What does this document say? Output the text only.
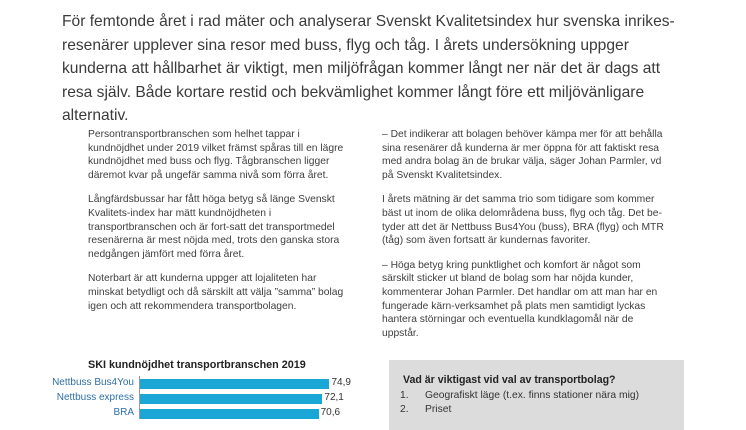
För femtonde året i rad mäter och analyserar Svenskt Kvalitetsindex hur svenska inrikes-resenärer upplever sina resor med buss, flyg och tåg. I årets undersökning uppger kunderna att hållbarhet är viktigt, men miljöfrågan kommer långt ner när det är dags att resa själv. Både kortare restid och bekvämlighet kommer långt före ett miljövänligare alternativ.

Persontransportbranschen som helhet tappar i kundnöjdhet under 2019 vilket främst spåras till en lägre kundnöjdhet med buss och flyg. Tågbranschen ligger däremot kvar på ungefär samma nivå som förra året.

Långfärdsbussar har fått höga betyg så länge Svenskt Kvalitets-index har mätt kundnöjdheten i transportbranschen och är fort-satt det transportmedel resenärerna är mest nöjda med, trots den ganska stora nedgången jämfört med förra året.

Noterbart är att kunderna uppger att lojaliteten har minskat betydligt och då särskilt att välja ”samma” bolag igen och att rekommendera transportbolagen.

– Det indikerar att bolagen behöver kämpa mer för att behålla sina resenärer då kunderna är mer öppna för att faktiskt resa med andra bolag än de brukar välja, säger Johan Parmler, vd på Svenskt Kvalitetsindex.

I årets mätning är det samma trio som tidigare som kommer bäst ut inom de olika delområdena buss, flyg och tåg. Det be-tyder att det är Nettbuss Bus4You (buss), BRA (flyg) och MTR (tåg) som även fortsatt är kundernas favoriter.

– Höga betyg kring punktlighet och komfort är något som särskilt sticker ut bland de bolag som har nöjda kunder, kommenterar Johan Parmler. Det handlar om att man har en fungerade kärn-verksamhet på plats men samtidigt lyckas hantera störningar och eventuella kundklagomål när de uppstår.

SKI kundnöjdhet transportbranschen 2019
Nettbuss Bus4You	74,9
Nettbuss express	72,1
BRA	70,6
Vad är viktigast vid val av transportbolag?
1. Geografiskt läge (t.ex. finns stationer nära mig)
2. Priset
